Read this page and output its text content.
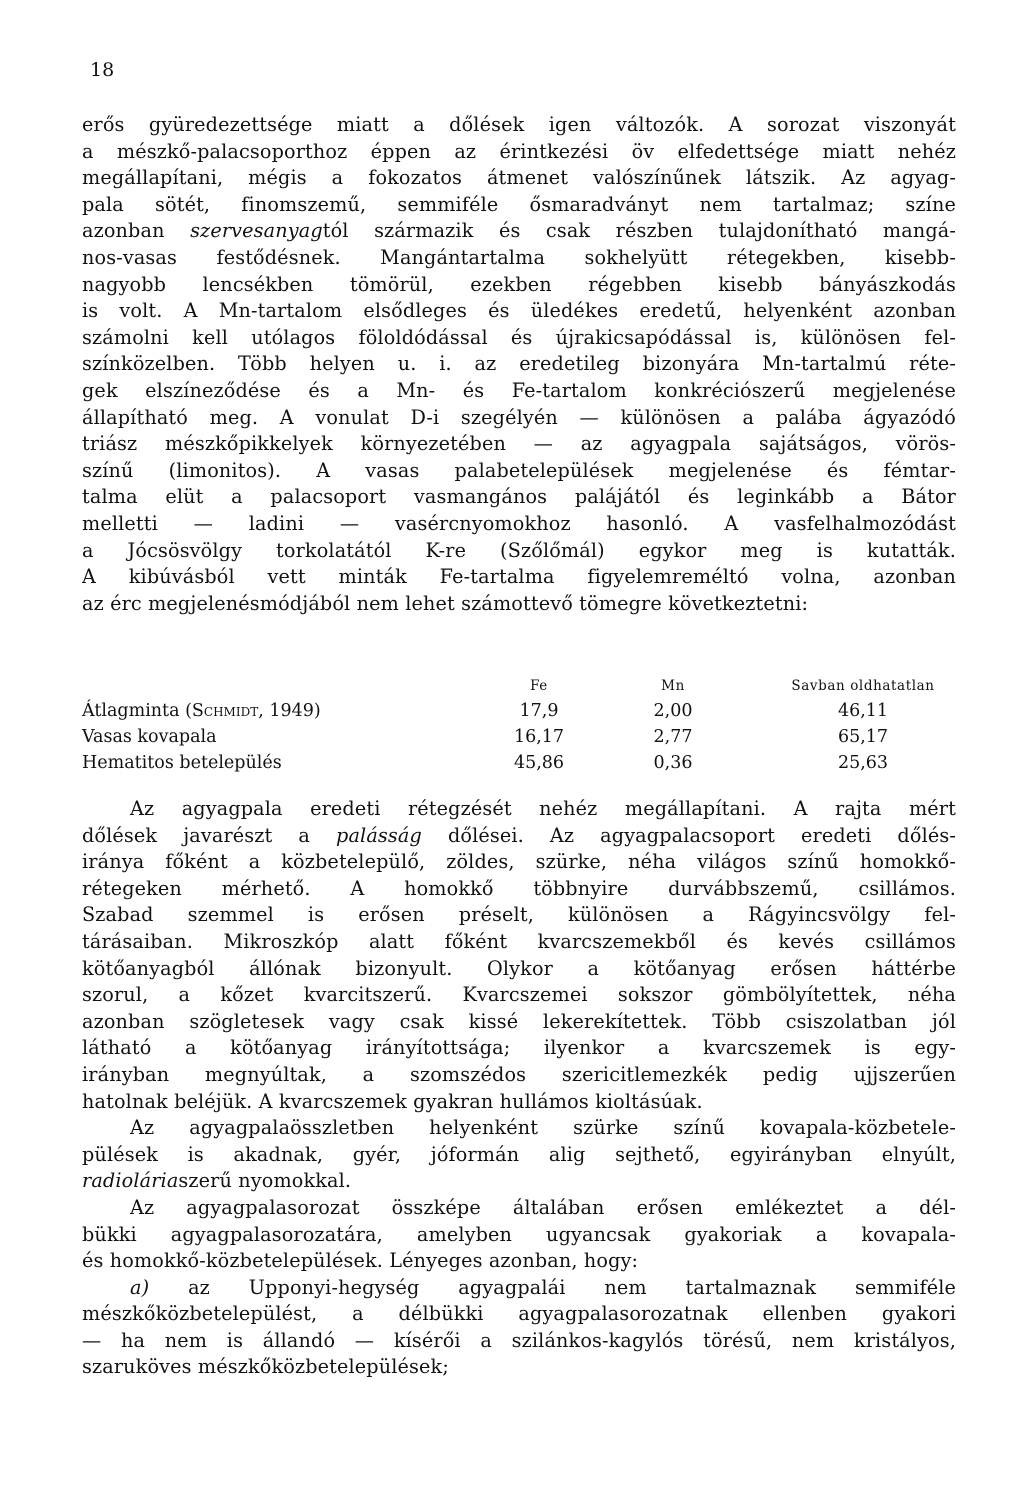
18
erős gyüredezettsége miatt a dőlések igen változók. A sorozat viszonyát
a mészkő-palacsoporthoz éppen az érintkezési öv elfedettsége miatt nehéz
megállapítani, mégis a fokozatos átmenet valószínűnek látszik. Az agyag-
pala sötét, finomszemű, semmiféle ősmaradványt nem tartalmaz; színe
azonban szervesanyagtól származik és csak részben tulajdonítható mangá-
nos-vasas festődésnek. Mangántartalma sokhelyütt rétegekben, kisebb-
nagyobb lencsékben tömörül, ezekben régebben kisebb bányászkodás
is volt. A Mn-tartalom elsődleges és üledékes eredetű, helyenként azonban
számolni kell utólagos föloldódással és újrakicsapódással is, különösen fel-
színközelben. Több helyen u. i. az eredetileg bizonyára Mn-tartalmú réte-
gek elszíneződése és a Mn- és Fe-tartalom konkréciószerű megjelenése
állapítható meg. A vonulat D-i szegélyén — különösen a palába ágyazódó
triász mészkőpikkelyek környezetében — az agyagpala sajátságos, vörös-
színű (limonitos). A vasas palabetelepülések megjelenése és fémtar-
talma elüt a palacsoport vasmangános palájától és leginkább a Bátor
melletti — ladini — vasércnyomokhoz hasonló. A vasfelhalmozódást
a Jócsösvölgy torkolatától K-re (Szőlőmál) egykor meg is kutatták.
A kibúvásból vett minták Fe-tartalma figyelemreméltó volna, azonban
az érc megjelenésmódjából nem lehet számottevő tömegre következtetni:
	Fe	Mn	Savban oldhatatlan
Átlagminta (Schmidt, 1949)	17,9	2,00	46,11
Vasas kovapala	16,17	2,77	65,17
Hematitos betelepülés	45,86	0,36	25,63
Az agyagpala eredeti rétegzését nehéz megállapítani. A rajta mért
dőlések javarészt a palásság dőlései. Az agyagpalacsoport eredeti dőlés-
iránya főként a közbetelepülő, zöldes, szürke, néha világos színű homokkő-
rétegeken mérhető. A homokkő többnyire durvábbszemű, csillámos.
Szabad szemmel is erősen préselt, különösen a Rágyincsvölgy fel-
tárásaiban. Mikroszkóp alatt főként kvarcszemekből és kevés csillámos
kötőanyagból állónak bizonyult. Olykor a kötőanyag erősen háttérbe
szorul, a kőzet kvarcitszerű. Kvarcszemei sokszor gömbölyítettek, néha
azonban szögletesek vagy csak kissé lekerekítettek. Több csiszolatban jól
látható a kötőanyag irányítottsága; ilyenkor a kvarcszemek is egy-
irányban megnyúltak, a szomszédos szericitlemezkék pedig ujjszerűen
hatolnak beléjük. A kvarcszemek gyakran hullámos kioltásúak.
Az agyagpalaösszletben helyenként szürke színű kovapala-közbetele-
pülések is akadnak, gyér, jóformán alig sejthető, egyirányban elnyúlt,
radioláriaszerű nyomokkal.
Az agyagpalasorozat összképe általában erősen emlékeztet a dél-
bükki agyagpalasorozatára, amelyben ugyancsak gyakoriak a kovapala-
és homokkő-közbetelepülések. Lényeges azonban, hogy:
a) az Upponyi-hegység agyagpalái nem tartalmaznak semmiféle
mészkőközbetelepülést, a délbükki agyagpalasorozatnak ellenben gyakori
— ha nem is állandó — kísérői a szilánkos-kagylós törésű, nem kristályos,
szaruköves mészkőközbetelepülések;
